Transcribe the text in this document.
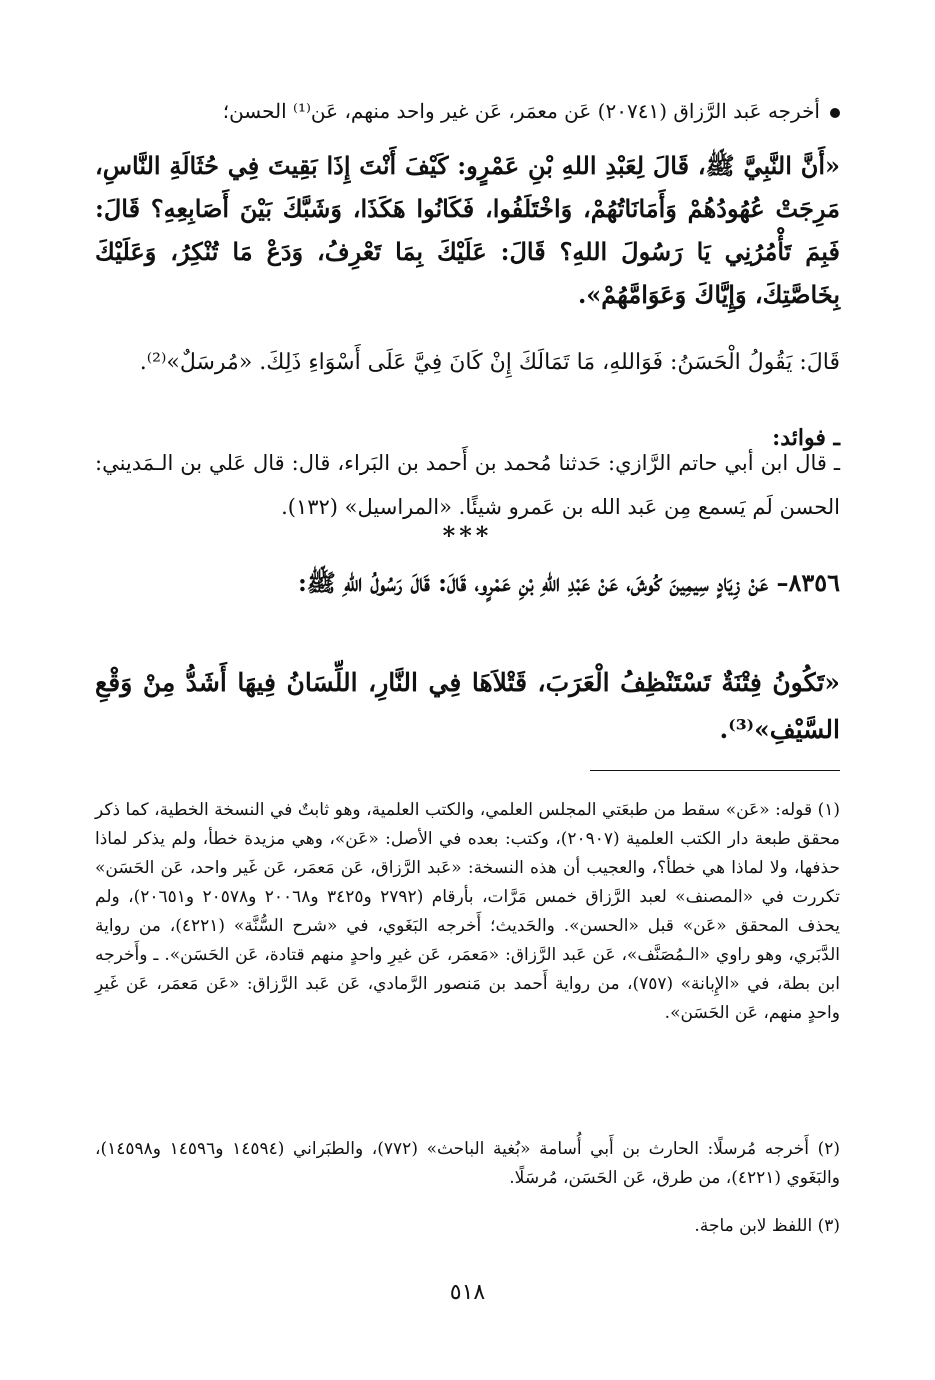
أخرجه عَبد الرَّزاق (٢٠٧٤١) عَن معمَر، عَن غير واحد منهم، عَن⁽¹⁾ الحسن؛

«أَنَّ النَّبِيَّ ﷺ، قَالَ لِعَبْدِ اللهِ بْنِ عَمْرٍو: كَيْفَ أَنْتَ إِذَا بَقِيتَ فِي حُثَالَةِ النَّاسِ، مَرِجَتْ عُهُودُهُمْ وَأَمَانَاتُهُمْ، وَاخْتَلَفُوا، فَكَانُوا هَكَذَا، وَشَبَّكَ بَيْنَ أَصَابِعِهِ؟ قَالَ: فَبِمَ تَأْمُرُنِي يَا رَسُولَ اللهِ؟ قَالَ: عَلَيْكَ بِمَا تَعْرِفُ، وَدَعْ مَا تُنْكِرُ، وَعَلَيْكَ بِخَاصَّتِكَ، وَإِيَّاكَ وَعَوَامَّهُمْ».

قَالَ: يَقُولُ الْحَسَنُ: فَوَاللهِ، مَا تَمَالَكَ إِنْ كَانَ فِيَّ عَلَى أَسْوَاءِ ذَلِكَ. «مُرسَلٌ»⁽²⁾.

ـ فوائد:

ـ قال ابن أبي حاتم الرَّازي: حَدثنا مُحمد بن أَحمد بن البَراء، قال: قال عَلي بن الـمَديني: الحسن لَم يَسمع مِن عَبد الله بن عَمرو شيئًا. «المراسيل» (١٣٢).

***

٨٣٥٦– عَنْ زِيَادٍ سِيمِينَ كُوشَ، عَنْ عَبْدِ اللهِ بْنِ عَمْرٍو، قَالَ: قَالَ رَسُولُ اللهِ ﷺ:

«تَكُونُ فِتْنَةٌ تَسْتَنْظِفُ الْعَرَبَ، قَتْلاَهَا فِي النَّارِ، اللِّسَانُ فِيهَا أَشَدُّ مِنْ وَقْعِ السَّيْفِ»⁽³⁾.

(١) قوله: «عَن» سقط من طبعَتي المجلس العلمي، والكتب العلمية، وهو ثابتٌ في النسخة الخطية، كما ذكر محقق طبعة دار الكتب العلمية (٢٠٩٠٧)، وكتب: بعده في الأصل: «عَن»، وهي مزيدة خطأ، ولم يذكر لماذا حذفها، ولا لماذا هي خطأ؟، والعجيب أن هذه النسخة: «عَبد الرَّزاق، عَن مَعمَر، عَن غَير واحد، عَن الحَسَن» تكررت في «المصنف» لعبد الرَّزاق خمس مَرَّات، بأرقام (٢٧٩٢ و٣٤٢٥ و٢٠٠٦٨ و٢٠٥٧٨ و٢٠٦٥١)، ولم يحذف المحقق «عَن» قبل «الحسن». والحَديث؛ أَخرجه البَغَوي، في «شرح السُّنَّة» (٤٢٢١)، من رواية الدَّبَري، وهو راوي «الـمُصَنَّف»، عَن عَبد الرَّزاق: «مَعمَر، عَن غيرِ واحدٍ منهم قتادة، عَن الحَسَن». ـ وأَخرجه ابن بطة، في «الإِبانة» (٧٥٧)، من رواية أَحمد بن مَنصور الرَّمادي، عَن عَبد الرَّزاق: «عَن مَعمَر، عَن غَيرِ واحدٍ منهم، عَن الحَسَن».

(٢) أَخرجه مُرسلًا: الحارث بن أَبي أُسامة «بُغية الباحث» (٧٧٢)، والطبَراني (١٤٥٩٤ و١٤٥٩٦ و١٤٥٩٨)، والبَغَوي (٤٢٢١)، من طرق، عَن الحَسَن، مُرسَلًا.

(٣) اللفظ لابن ماجة.

٥١٨
